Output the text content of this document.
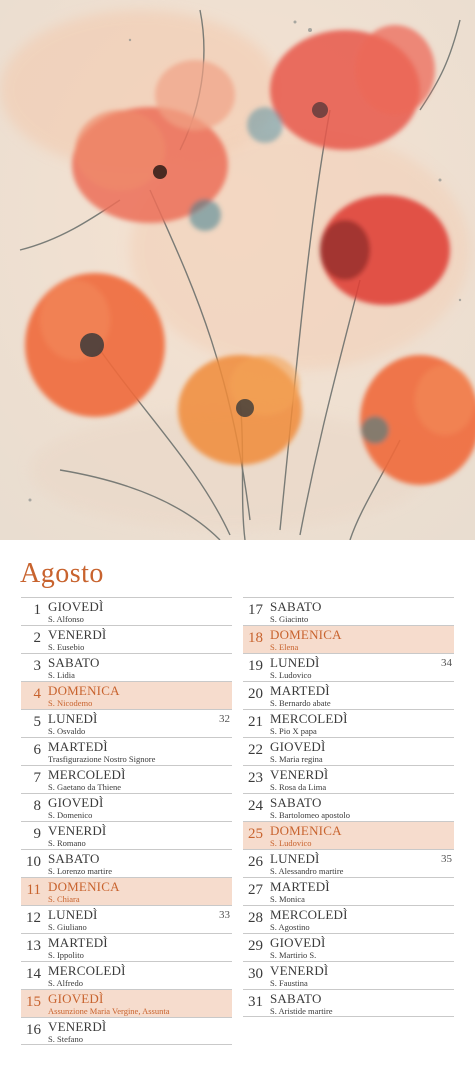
Agosto
1 GIOVEDÌ
S. Alfonso
2 VENERDÌ
S. Eusebio
3 SABATO
S. Lidia
4 DOMENICA
S. Nicodemo
5 LUNEDÌ
S. Osvaldo
32
6 MARTEDÌ
Trasfigurazione Nostro Signore
7 MERCOLEDÌ
S. Gaetano da Thiene
8 GIOVEDÌ
S. Domenico
9 VENERDÌ
S. Romano
10 SABATO
S. Lorenzo martire
11 DOMENICA
S. Chiara
12 LUNEDÌ
S. Giuliano
33
13 MARTEDÌ
S. Ippolito
14 MERCOLEDÌ
S. Alfredo
15 GIOVEDÌ
Assunzione Maria Vergine, Assunta
16 VENERDÌ
S. Stefano
17 SABATO
S. Giacinto
18 DOMENICA
S. Elena
19 LUNEDÌ
S. Ludovico
34
20 MARTEDÌ
S. Bernardo abate
21 MERCOLEDÌ
S. Pio X papa
22 GIOVEDÌ
S. Maria regina
23 VENERDÌ
S. Rosa da Lima
24 SABATO
S. Bartolomeo apostolo
25 DOMENICA
S. Ludovico
26 LUNEDÌ
S. Alessandro martire
35
27 MARTEDÌ
S. Monica
28 MERCOLEDÌ
S. Agostino
29 GIOVEDÌ
S. Martirio S.
30 VENERDÌ
S. Faustina
31 SABATO
S. Aristide martire
